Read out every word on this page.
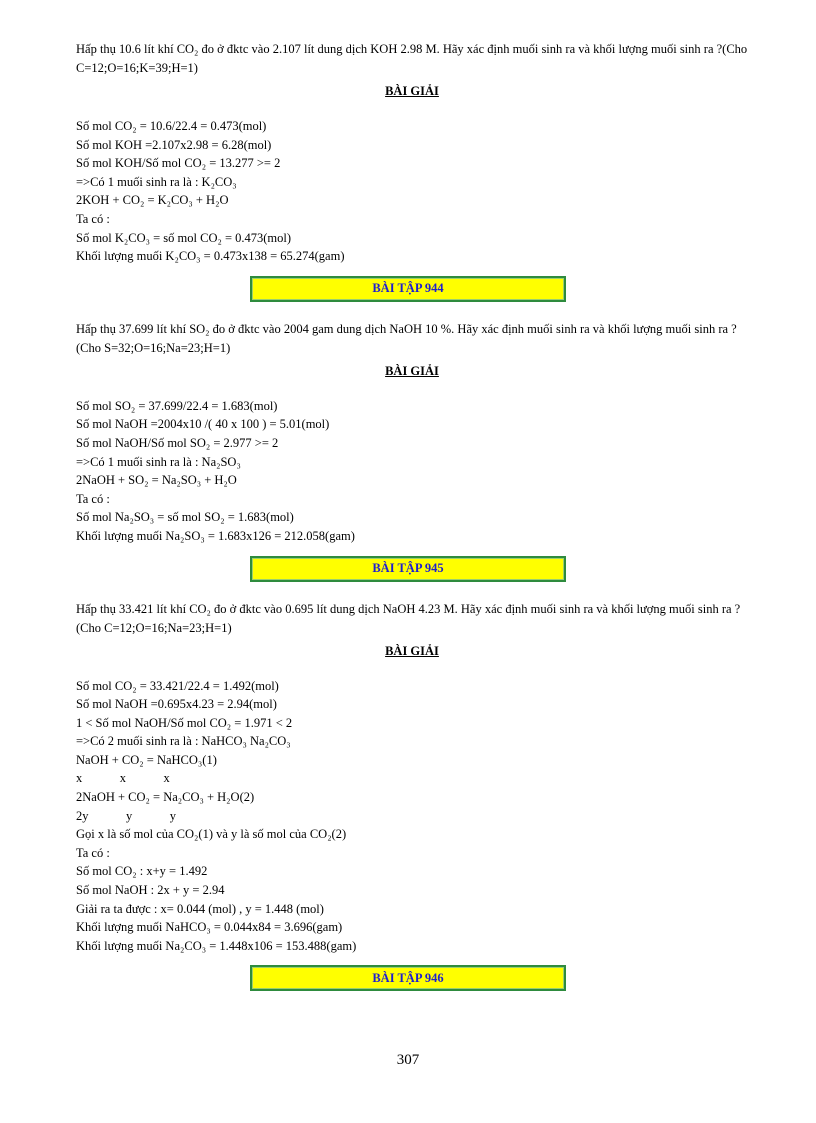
Hấp thụ 10.6 lít khí CO₂ đo ở đktc vào 2.107 lít dung dịch KOH 2.98 M. Hãy xác định muối sinh ra và khối lượng muối sinh ra ?(Cho C=12;O=16;K=39;H=1)

BÀI GIẢI
Số mol CO₂ = 10.6/22.4 = 0.473(mol)
Số mol KOH =2.107x2.98 = 6.28(mol)
Số mol KOH/Số mol CO₂ = 13.277 >= 2
=>Có 1 muối sinh ra là : K₂CO₃
2KOH + CO₂ = K₂CO₃ + H₂O
Ta có :
Số mol K₂CO₃ = số mol CO₂ = 0.473(mol)
Khối lượng muối K₂CO₃ = 0.473x138 = 65.274(gam)
BÀI TẬP 944

Hấp thụ 37.699 lít khí SO₂ đo ở đktc vào 2004 gam dung dịch NaOH 10 %. Hãy xác định muối sinh ra và khối lượng muối sinh ra ?(Cho S=32;O=16;Na=23;H=1)

BÀI GIẢI
Số mol SO₂ = 37.699/22.4 = 1.683(mol)
Số mol NaOH =2004x10 /( 40 x 100 ) = 5.01(mol)
Số mol NaOH/Số mol SO₂ = 2.977 >= 2
=>Có 1 muối sinh ra là : Na₂SO₃
2NaOH + SO₂ = Na₂SO₃ + H₂O
Ta có :
Số mol Na₂SO₃ = số mol SO₂ = 1.683(mol)
Khối lượng muối Na₂SO₃ = 1.683x126 = 212.058(gam)
BÀI TẬP 945

Hấp thụ 33.421 lít khí CO₂ đo ở đktc vào 0.695 lít dung dịch NaOH 4.23 M. Hãy xác định muối sinh ra và khối lượng muối sinh ra ?(Cho C=12;O=16;Na=23;H=1)

BÀI GIẢI
Số mol CO₂ = 33.421/22.4 = 1.492(mol)
Số mol NaOH =0.695x4.23 = 2.94(mol)
1 < Số mol NaOH/Số mol CO₂ = 1.971 < 2
=>Có 2 muối sinh ra là : NaHCO₃ Na₂CO₃
NaOH + CO₂ = NaHCO₃(1)
x            x            x
2NaOH + CO₂ = Na₂CO₃ + H₂O(2)
2y            y            y
Gọi x là số mol của CO₂(1) và y là số mol của CO₂(2)
Ta có :
Số mol CO₂ : x+y = 1.492
Số mol NaOH : 2x + y = 2.94
Giải ra ta được : x= 0.044 (mol) , y = 1.448 (mol)
Khối lượng muối NaHCO₃ = 0.044x84 = 3.696(gam)
Khối lượng muối Na₂CO₃ = 1.448x106 = 153.488(gam)
BÀI TẬP 946
307
